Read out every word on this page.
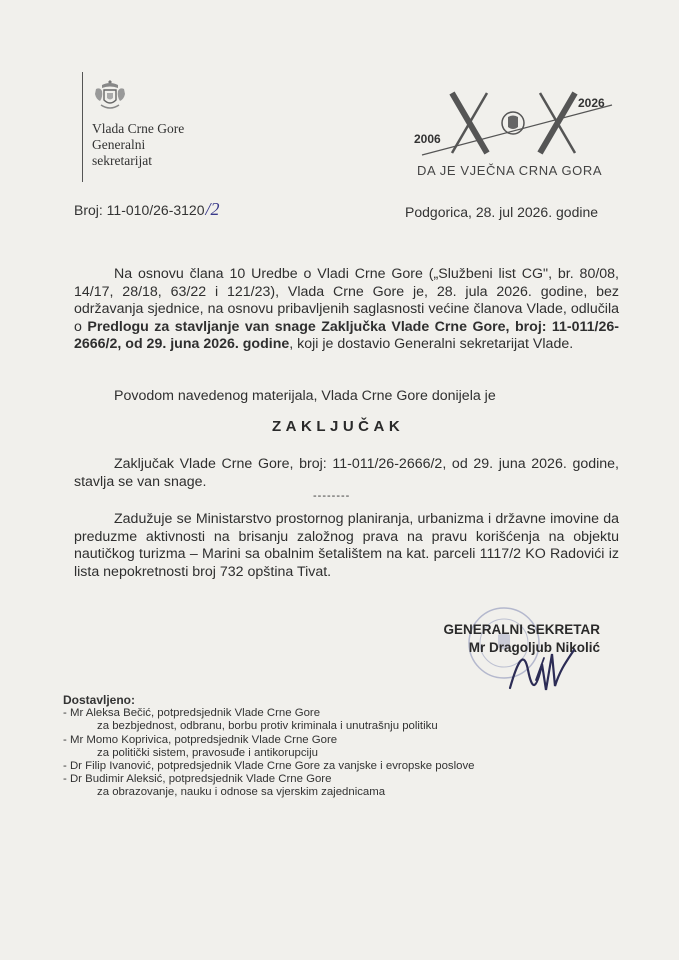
Vlada Crne Gore
Generalni
sekretarijat
2006
2026
DA JE VJEČNA CRNA GORA
Broj: 11-010/26-3120/2	Podgorica, 28. jul 2026. godine
Na osnovu člana 10 Uredbe o Vladi Crne Gore („Službeni list CG", br. 80/08, 14/17, 28/18, 63/22 i 121/23), Vlada Crne Gore je, 28. jula 2026. godine, bez održavanja sjednice, na osnovu pribavljenih saglasnosti većine članova Vlade, odlučila o Predlogu za stavljanje van snage Zaključka Vlade Crne Gore, broj: 11-011/26-2666/2, od 29. juna 2026. godine, koji je dostavio Generalni sekretarijat Vlade.
Povodom navedenog materijala, Vlada Crne Gore donijela je
ZAKLJUČAK
Zaključak Vlade Crne Gore, broj: 11-011/26-2666/2, od 29. juna 2026. godine, stavlja se van snage.
--------
Zadužuje se Ministarstvo prostornog planiranja, urbanizma i državne imovine da preduzme aktivnosti na brisanju založnog prava na pravu korišćenja na objektu nautičkog turizma – Marini sa obalnim šetalištem na kat. parceli 1117/2 KO Radovići iz lista nepokretnosti broj 732 opština Tivat.
GENERALNI SEKRETAR
Mr Dragoljub Nikolić
Dostavljeno:
- Mr Aleksa Bečić, potpredsjednik Vlade Crne Gore
za bezbjednost, odbranu, borbu protiv kriminala i unutrašnju politiku
- Mr Momo Koprivica, potpredsjednik Vlade Crne Gore
za politički sistem, pravosuđe i antikorupciju
- Dr Filip Ivanović, potpredsjednik Vlade Crne Gore za vanjske i evropske poslove
- Dr Budimir Aleksić, potpredsjednik Vlade Crne Gore
za obrazovanje, nauku i odnose sa vjerskim zajednicama
